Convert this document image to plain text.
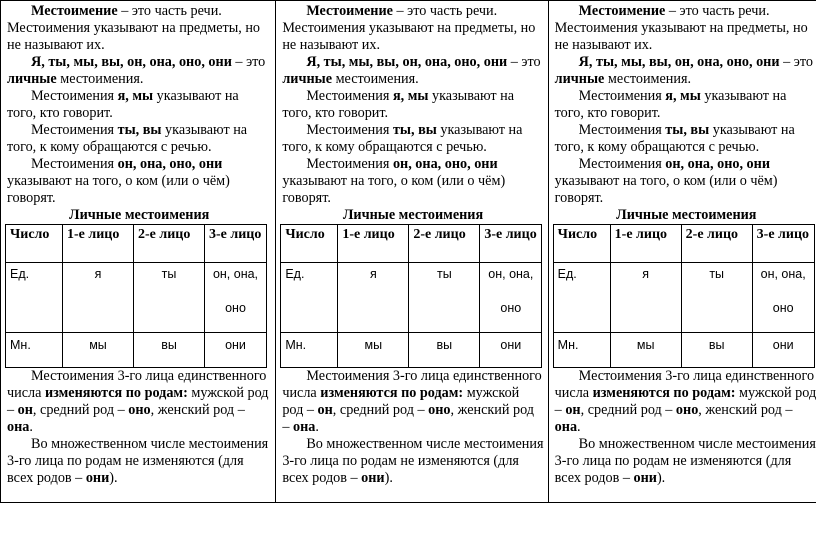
Местоимение – это часть речи. Местоимения указывают на предметы, но не называют их.

Я, ты, мы, вы, он, она, оно, они – это личные местоимения.

Местоимения я, мы указывают на того, кто говорит.

Местоимения ты, вы указывают на того, к кому обращаются с речью.

Местоимения он, она, оно, они указывают на того, о ком (или о чём) говорят.

Личные местоимения
Число	1-е лицо	2-е лицо	3-е лицо
Ед.	я	ты	он, она,
оно

Мн.	мы	вы	они

Местоимения 3-го лица единственного числа изменяются по родам: мужской род – он, средний род – оно, женский род – она.

Во множественном числе местоимения 3-го лица по родам не изменяются (для всех родов – они).

Местоимение – это часть речи. Местоимения указывают на предметы, но не называют их.

Я, ты, мы, вы, он, она, оно, они – это личные местоимения.

Местоимения я, мы указывают на того, кто говорит.

Местоимения ты, вы указывают на того, к кому обращаются с речью.

Местоимения он, она, оно, они указывают на того, о ком (или о чём) говорят.

Личные местоимения
Число	1-е лицо	2-е лицо	3-е лицо
Ед.	я	ты	он, она,
оно

Мн.	мы	вы	они

Местоимения 3-го лица единственного числа изменяются по родам: мужской род – он, средний род – оно, женский род – она.

Во множественном числе местоимения 3-го лица по родам не изменяются (для всех родов – они).

Местоимение – это часть речи. Местоимения указывают на предметы, но не называют их.

Я, ты, мы, вы, он, она, оно, они – это личные местоимения.

Местоимения я, мы указывают на того, кто говорит.

Местоимения ты, вы указывают на того, к кому обращаются с речью.

Местоимения он, она, оно, они указывают на того, о ком (или о чём) говорят.

Личные местоимения
Число	1-е лицо	2-е лицо	3-е лицо
Ед.	я	ты	он, она,
оно

Мн.	мы	вы	они

Местоимения 3-го лица единственного числа изменяются по родам: мужской род – он, средний род – оно, женский род – она.

Во множественном числе местоимения 3-го лица по родам не изменяются (для всех родов – они).
